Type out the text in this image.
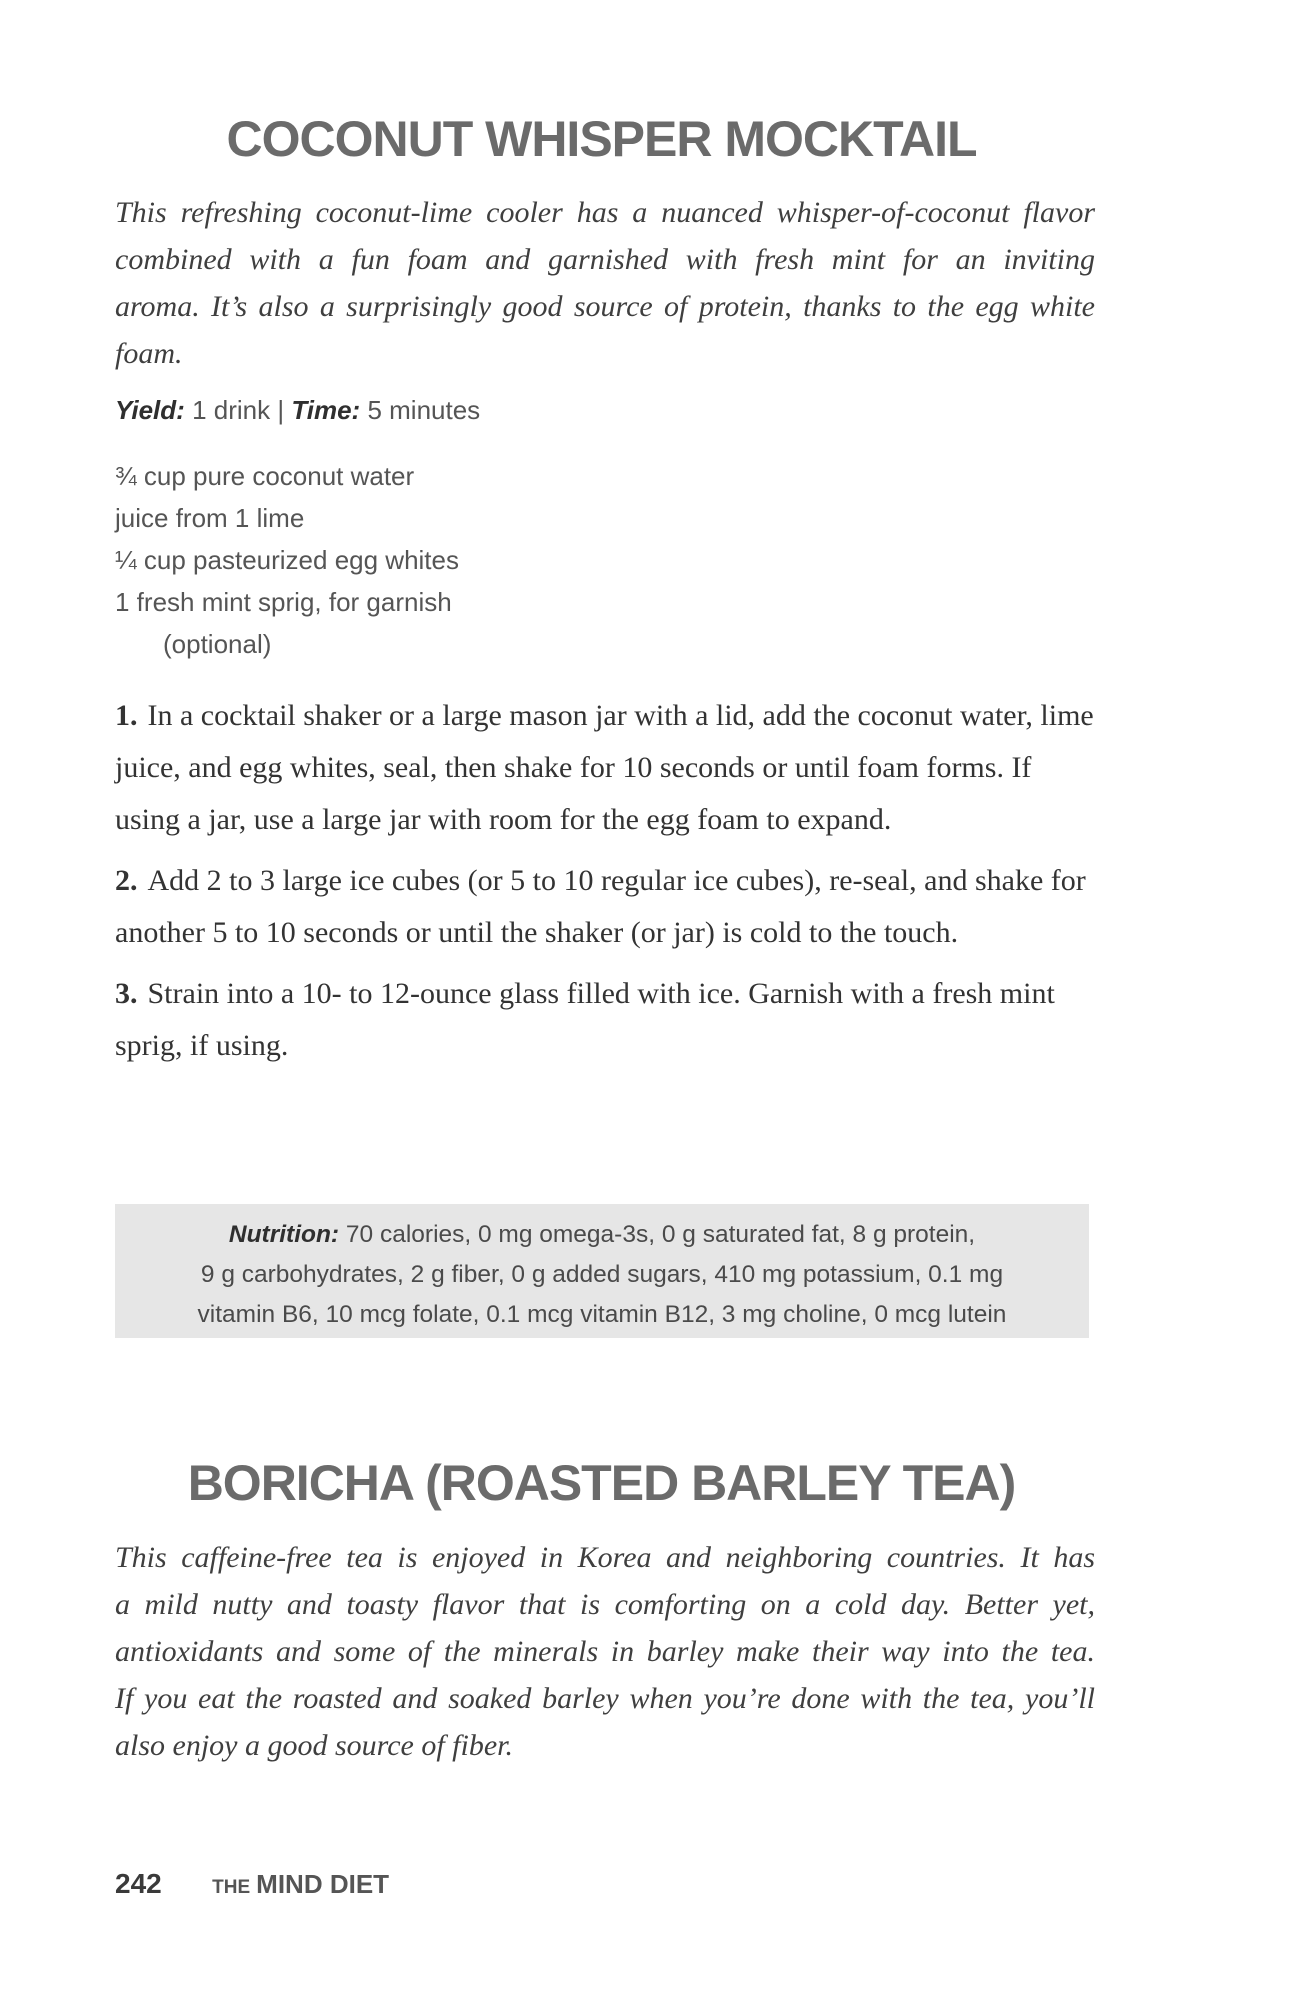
COCONUT WHISPER MOCKTAIL
This refreshing coconut-lime cooler has a nuanced whisper-of-coconut flavor
combined with a fun foam and garnished with fresh mint for an inviting
aroma. It’s also a surprisingly good source of protein, thanks to the egg white
foam.
Yield: 1 drink | Time: 5 minutes
¾ cup pure coconut water
juice from 1 lime
¼ cup pasteurized egg whites
1 fresh mint sprig, for garnish
(optional)
1. In a cocktail shaker or a large mason jar with a lid, add the coconut water, lime juice, and egg whites, seal, then shake for 10 seconds or until foam forms. If using a jar, use a large jar with room for the egg foam to expand.
2. Add 2 to 3 large ice cubes (or 5 to 10 regular ice cubes), re-seal, and shake for another 5 to 10 seconds or until the shaker (or jar) is cold to the touch.
3. Strain into a 10- to 12-ounce glass filled with ice. Garnish with a fresh mint sprig, if using.
Nutrition: 70 calories, 0 mg omega-3s, 0 g saturated fat, 8 g protein,
9 g carbohydrates, 2 g fiber, 0 g added sugars, 410 mg potassium, 0.1 mg
vitamin B6, 10 mcg folate, 0.1 mcg vitamin B12, 3 mg choline, 0 mcg lutein
BORICHA (ROASTED BARLEY TEA)
This caffeine-free tea is enjoyed in Korea and neighboring countries. It has
a mild nutty and toasty flavor that is comforting on a cold day. Better yet,
antioxidants and some of the minerals in barley make their way into the tea.
If you eat the roasted and soaked barley when you’re done with the tea, you’ll
also enjoy a good source of fiber.
242	THE MIND DIET
